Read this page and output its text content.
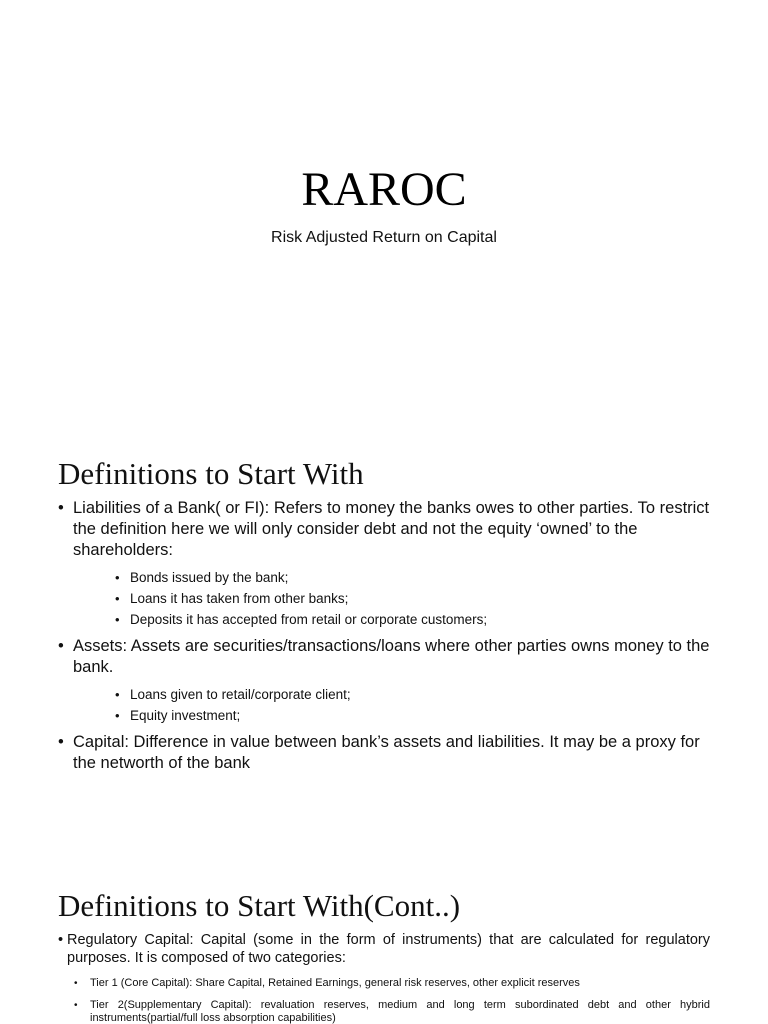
RAROC
Risk Adjusted Return on Capital
Definitions to Start With
• Liabilities of a Bank( or FI): Refers to money the banks owes to other parties. To restrict the definition here we will only consider debt and not the equity ‘owned’ to the shareholders:
• Bonds issued by the bank;
• Loans it has taken from other banks;
• Deposits it has accepted from retail or corporate customers;
• Assets: Assets are securities/transactions/loans where other parties owns money to the bank.
• Loans given to retail/corporate client;
• Equity investment;
• Capital: Difference in value between bank’s assets and liabilities. It may be a proxy for the networth of the bank
Definitions to Start With(Cont..)
• Regulatory Capital: Capital (some in the form of instruments) that are calculated for regulatory purposes. It is composed of two categories:
• Tier 1 (Core Capital): Share Capital, Retained Earnings, general risk reserves, other explicit reserves
• Tier 2(Supplementary Capital): revaluation reserves, medium and long term subordinated debt and other hybrid instruments(partial/full loss absorption capabilities)
